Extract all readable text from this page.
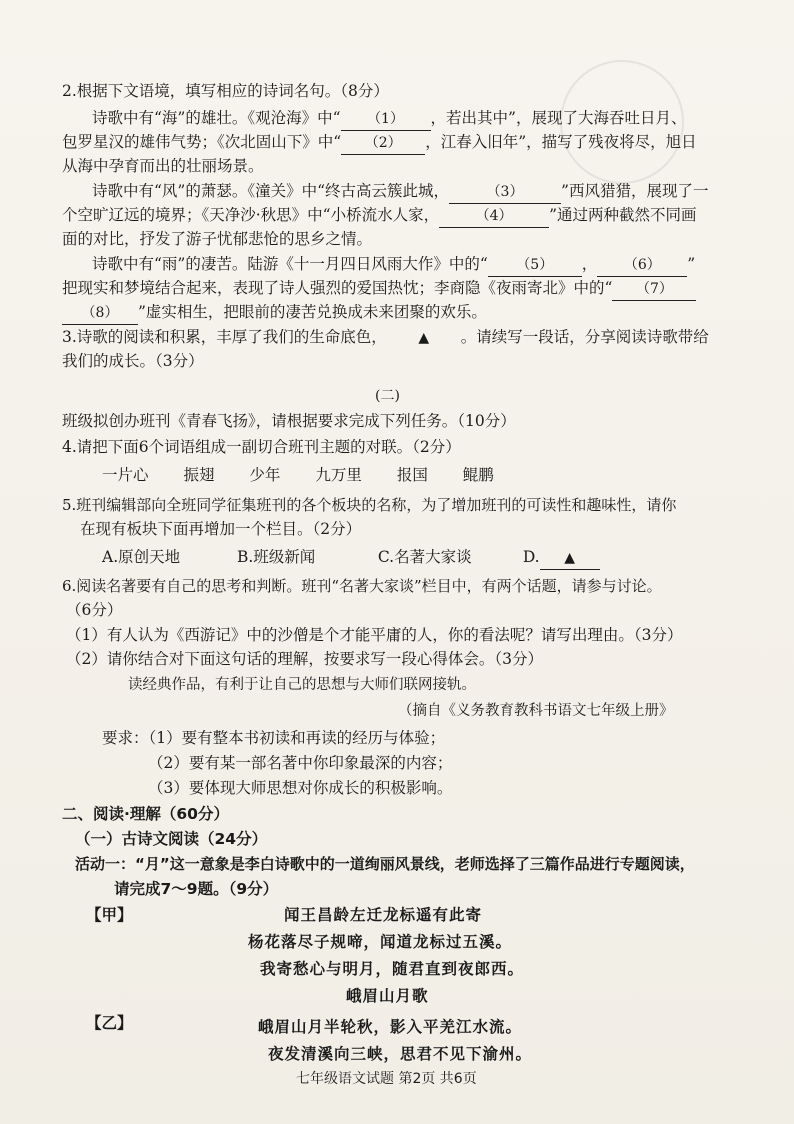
2.根据下文语境，填写相应的诗词名句。（8分）
诗歌中有“海”的雄壮。《观沧海》中“ （1） ，若出其中”，展现了大海吞吐日月、
包罗星汉的雄伟气势；《次北固山下》中“ （2） ，江春入旧年”，描写了残夜将尽，旭日
从海中孕育而出的壮丽场景。
诗歌中有“风”的萧瑟。《潼关》中“终古高云簇此城，	（3） ”西风猎猎，展现了一
个空旷辽远的境界；《天净沙·秋思》中“小桥流水人家，	（4） ”通过两种截然不同画
面的对比，抒发了游子忧郁悲怆的思乡之情。
诗歌中有“雨”的凄苦。陆游《十一月四日风雨大作》中的“ （5） ， （6） ”
把现实和梦境结合起来，表现了诗人强烈的爱国热忱；李商隐《夜雨寄北》中的“ （7）
（8） ”虚实相生，把眼前的凄苦兑换成未来团聚的欢乐。
3.诗歌的阅读和积累，丰厚了我们的生命底色， ▲ 。请续写一段话，分享阅读诗歌带给
我们的成长。（3分）
(二)
班级拟创办班刊《青春飞扬》，请根据要求完成下列任务。（10分）
4.请把下面6个词语组成一副切合班刊主题的对联。（2分）
一片心 振翅 少年 九万里 报国 鲲鹏
5.班刊编辑部向全班同学征集班刊的各个板块的名称，为了增加班刊的可读性和趣味性，请你
在现有板块下面再增加一个栏目。（2分）
A.原创天地	B.班级新闻	C.名著大家谈	D. ▲
6.阅读名著要有自己的思考和判断。班刊“名著大家谈”栏目中，有两个话题，请参与讨论。
（6分）
（1）有人认为《西游记》中的沙僧是个才能平庸的人，你的看法呢？请写出理由。（3分）
（2）请你结合对下面这句话的理解，按要求写一段心得体会。（3分）
读经典作品，有利于让自己的思想与大师们联网接轨。
（摘自《义务教育教科书语文七年级上册》
要求：（1）要有整本书初读和再读的经历与体验；
（2）要有某一部名著中你印象最深的内容；
（3）要体现大师思想对你成长的积极影响。
二、阅读·理解（60分）
（一）古诗文阅读（24分）
活动一：“月”这一意象是李白诗歌中的一道绚丽风景线，老师选择了三篇作品进行专题阅读，
请完成7～9题。（9分）
【甲】	闻王昌龄左迁龙标遥有此寄
杨花落尽子规啼，闻道龙标过五溪。
我寄愁心与明月，随君直到夜郎西。
峨眉山月歌
【乙】	峨眉山月半轮秋，影入平羌江水流。
夜发清溪向三峡，思君不见下渝州。
七年级语文试题 第2页 共6页
